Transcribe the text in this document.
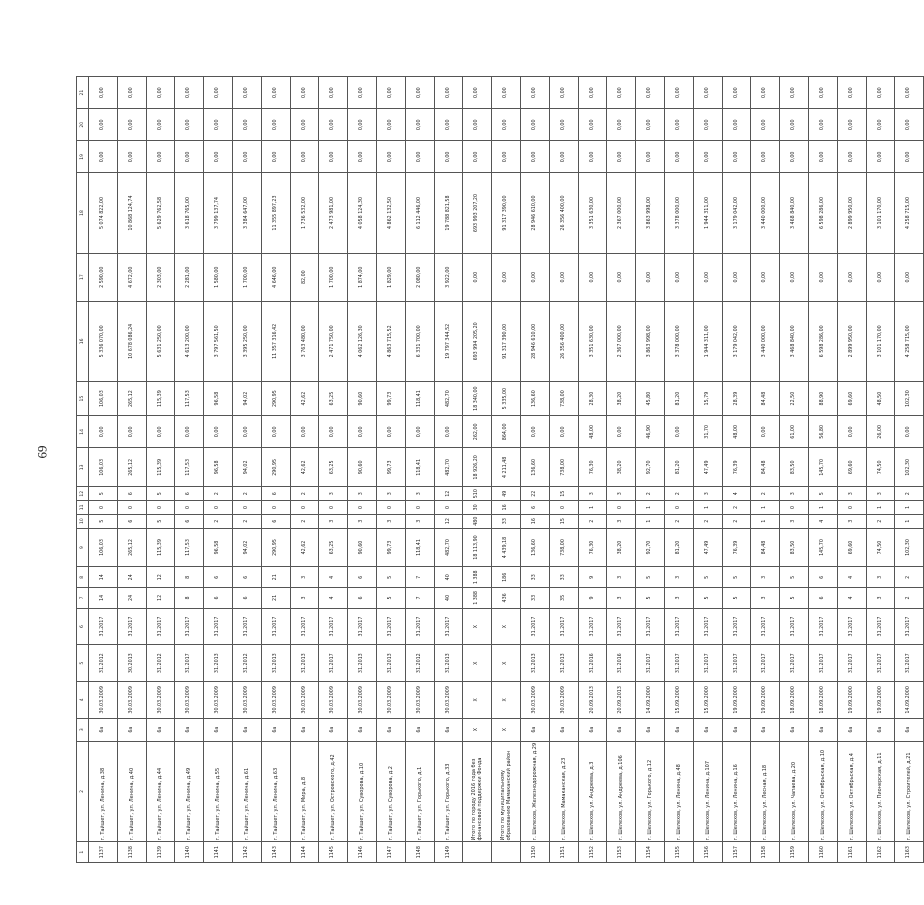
69
1	2	3	4	5	6	7	8	9	10	11	12	13	14	15	16	17	18	19	20	21
1137	г. Тайшет, ул. Ленина, д.38	6а	30.03.2009	31.2012	31.2017	14	14	106,03	5	0	5	106,03	0,00	106,03	5 336 070,00	2 590,00	5 074 822,00	0,00	0,00	0,00
1138	г. Тайшет, ул. Ленина, д.40	6а	30.03.2009	30.2013	31.2017	24	24	265,12	6	0	6	265,12	0,00	265,12	10 678 086,24	4 672,00	10 868 124,74	0,00	0,00	0,00
1139	г. Тайшет, ул. Ленина, д.44	6а	30.03.2009	31.2012	31.2017	12	12	115,39	5	0	5	115,39	0,00	115,39	5 631 250,00	2 303,00	5 629 762,58	0,00	0,00	0,00
1140	г. Тайшет, ул. Ленина, д.49	6а	30.03.2009	31.2017	31.2017	8	8	117,53	6	0	6	117,53	0,00	117,53	4 613 200,00	2 281,00	3 618 765,00	0,00	0,00	0,00
1141	г. Тайшет, ул. Ленина, д.55	6а	30.03.2009	31.2013	31.2017	6	6	96,58	2	0	2	96,58	0,00	96,58	3 797 561,50	1 580,00	3 799 137,74	0,00	0,00	0,00
1142	г. Тайшет, ул. Ленина, д.61	6а	30.03.2009	31.2012	31.2017	6	6	94,02	2	0	2	94,02	0,00	94,02	3 395 250,00	1 700,00	3 384 647,00	0,00	0,00	0,00
1143	г. Тайшет, ул. Ленина, д.63	6а	30.03.2009	31.2013	31.2017	21	21	290,95	6	0	6	290,95	0,00	290,95	11 357 316,42	4 646,00	11 355 897,23	0,00	0,00	0,00
1144	г. Тайшет, ул. Мира, д.8	6а	30.03.2009	31.2013	31.2017	3	3	42,62	2	0	2	42,62	0,00	42,62	3 763 480,00	82,00	1 736 532,00	0,00	0,00	0,00
1145	г. Тайшет, ул. Островского, д.42	6а	30.03.2009	31.2017	31.2017	4	4	63,25	3	0	3	63,25	0,00	63,25	2 471 750,00	1 700,00	2 473 981,00	0,00	0,00	0,00
1146	г. Тайшет, ул. Суворова, д.10	6а	30.03.2009	31.2013	31.2017	6	6	90,60	3	0	3	90,60	0,00	90,60	4 062 126,30	1 874,00	4 058 124,30	0,00	0,00	0,00
1147	г. Тайшет, ул. Суворова, д.2	6а	30.03.2009	31.2013	31.2017	5	5	99,73	3	0	3	99,73	0,00	99,73	4 863 715,52	1 829,00	4 862 132,50	0,00	0,00	0,00
1148	г. Тайшет, ул. Горького, д.1	6а	30.03.2009	31.2012	31.2017	7	7	118,41	3	0	3	118,41	0,00	118,41	6 331 700,00	2 080,00	6 112 446,00	0,00	0,00	0,00
1149	г. Тайшет, ул. Горького, д.33	6а	30.03.2009	31.2013	31.2017	40	40	482,70	12	0	12	482,70	0,00	482,70	19 797 344,52	3 922,00	19 788 821,58	0,00	0,00	0,00
	Итого по городу 2016 года без финансовой поддержки Фонда	X	X	X	X	1 388	1 388	18 113,90	480	30	510	18 926,20	262,00	18 340,00	693 994 205,20	0,00	693 993 207,20	0,00	0,00	0,00
	Итого по муниципальному образованию Мамаканский район	X	X	X	X	436	186	4 439,18	33	16	49	4 211,48	864,00	5 335,00	91 317 390,00	0,00	91 317 390,00	0,00	0,00	0,00
1150	г. Шелехов, Железнодорожная, д.29	6а	30.03.2009	31.2013	31.2017	33	33	136,60	16	6	22	136,60	0,00	136,60	28 946 610,00	0,00	28 946 610,00	0,00	0,00	0,00
1151	г. Шелехов, Мамаканская, д.23	6а	30.03.2009	31.2013	31.2017	35	33	738,00	15	0	15	738,00	0,00	738,00	26 356 400,00	0,00	26 356 400,00	0,00	0,00	0,00
1152	г. Шелехов, ул. Андреева, д.3	6а	20.09.2013	31.2016	31.2017	9	9	76,30	2	1	3	76,30	48,00	28,30	3 351 630,00	0,00	3 351 630,00	0,00	0,00	0,00
1153	г. Шелехов, ул. Андреева, д.106	6а	20.09.2013	31.2016	31.2017	3	3	38,20	3	0	3	38,20	0,00	38,20	2 367 000,00	0,00	2 367 000,00	0,00	0,00	0,00
1154	г. Шелехов, ул. Горького, д.12	6а	14.09.2000	31.2017	31.2017	5	5	92,70	1	1	2	92,70	46,90	45,80	3 863 998,00	0,00	3 863 998,00	0,00	0,00	0,00
1155	г. Шелехов, ул. Ленина, д.48	6а	15.09.2000	31.2017	31.2017	3	3	81,20	2	0	2	81,20	0,00	81,20	3 378 000,00	0,00	3 378 000,00	0,00	0,00	0,00
1156	г. Шелехов, ул. Ленина, д.107	6а	15.09.2000	31.2017	31.2017	5	5	47,49	2	1	3	47,49	31,70	15,79	1 944 311,00	0,00	1 944 311,00	0,00	0,00	0,00
1157	г. Шелехов, ул. Ленина, д.16	6а	19.09.2000	31.2017	31.2017	5	5	76,39	2	2	4	76,39	48,00	28,39	3 179 042,00	0,00	3 179 042,00	0,00	0,00	0,00
1158	г. Шелехов, ул. Лесная, д.18	6а	19.09.2000	31.2017	31.2017	3	3	84,48	1	1	2	84,48	0,00	84,48	3 440 000,00	0,00	3 440 000,00	0,00	0,00	0,00
1159	г. Шелехов, ул. Чапаева, д.20	6а	18.09.2000	31.2017	31.2017	5	5	83,50	3	0	3	83,50	61,00	22,50	3 468 840,00	0,00	3 468 840,00	0,00	0,00	0,00
1160	г. Шелехов, ул. Октябрьская, д.10	6а	18.09.2000	31.2017	31.2017	6	6	145,70	4	1	5	145,70	56,80	88,90	6 598 286,00	0,00	6 598 286,00	0,00	0,00	0,00
1161	г. Шелехов, ул. Октябрьская, д.4	6а	19.09.2000	31.2017	31.2017	4	4	69,60	3	0	3	69,60	0,00	69,60	2 899 950,00	0,00	2 899 950,00	0,00	0,00	0,00
1162	г. Шелехов, ул. Пионерская, д.11	6а	19.09.2000	31.2017	31.2017	3	3	74,50	2	1	3	74,50	26,00	48,50	3 101 170,00	0,00	3 101 170,00	0,00	0,00	0,00
1163	г. Шелехов, ул. Строителей, д.21	6а	14.09.2000	31.2017	31.2017	2	2	102,30	1	1	2	102,30	0,00	102,30	4 258 715,00	0,00	4 258 715,00	0,00	0,00	0,00
